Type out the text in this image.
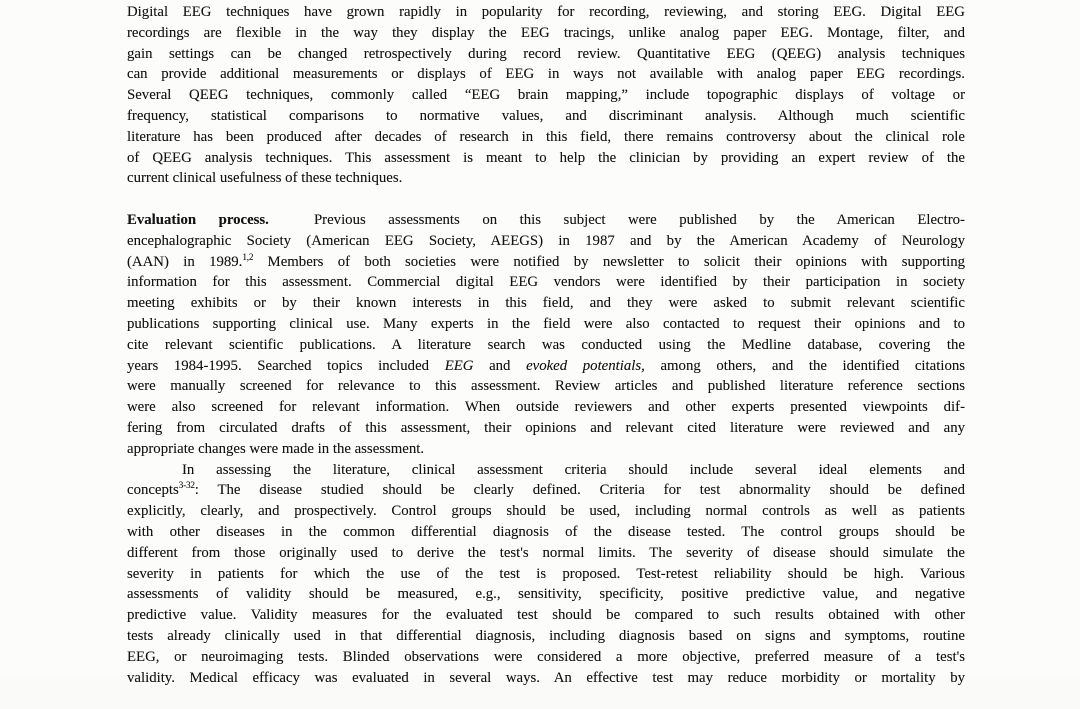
Digital EEG techniques have grown rapidly in popularity for recording, reviewing, and storing EEG. Digital EEG
recordings are flexible in the way they display the EEG tracings, unlike analog paper EEG. Montage, filter, and
gain settings can be changed retrospectively during record review. Quantitative EEG (QEEG) analysis techniques
can provide additional measurements or displays of EEG in ways not available with analog paper EEG recordings.
Several QEEG techniques, commonly called “EEG brain mapping,” include topographic displays of voltage or
frequency, statistical comparisons to normative values, and discriminant analysis. Although much scientific
literature has been produced after decades of research in this field, there remains controversy about the clinical role
of QEEG analysis techniques. This assessment is meant to help the clinician by providing an expert review of the
current clinical usefulness of these techniques.
Evaluation process.  Previous assessments on this subject were published by the American Electro-
encephalographic Society (American EEG Society, AEEGS) in 1987 and by the American Academy of Neurology
(AAN) in 1989.$^{1,2}$ Members of both societies were notified by newsletter to solicit their opinions with supporting
information for this assessment. Commercial digital EEG vendors were identified by their participation in society
meeting exhibits or by their known interests in this field, and they were asked to submit relevant scientific
publications supporting clinical use. Many experts in the field were also contacted to request their opinions and to
cite relevant scientific publications. A literature search was conducted using the Medline database, covering the
years 1984-1995. Searched topics included EEG and evoked potentials, among others, and the identified citations
were manually screened for relevance to this assessment. Review articles and published literature reference sections
were also screened for relevant information. When outside reviewers and other experts presented viewpoints dif-
fering from circulated drafts of this assessment, their opinions and relevant cited literature were reviewed and any
appropriate changes were made in the assessment.
In assessing the literature, clinical assessment criteria should include several ideal elements and
concepts$^{3-32}$: The disease studied should be clearly defined. Criteria for test abnormality should be defined
explicitly, clearly, and prospectively. Control groups should be used, including normal controls as well as patients
with other diseases in the common differential diagnosis of the disease tested. The control groups should be
different from those originally used to derive the test's normal limits. The severity of disease should simulate the
severity in patients for which the use of the test is proposed. Test-retest reliability should be high. Various
assessments of validity should be measured, e.g., sensitivity, specificity, positive predictive value, and negative
predictive value. Validity measures for the evaluated test should be compared to such results obtained with other
tests already clinically used in that differential diagnosis, including diagnosis based on signs and symptoms, routine
EEG, or neuroimaging tests. Blinded observations were considered a more objective, preferred measure of a test's
validity. Medical efficacy was evaluated in several ways. An effective test may reduce morbidity or mortality by
